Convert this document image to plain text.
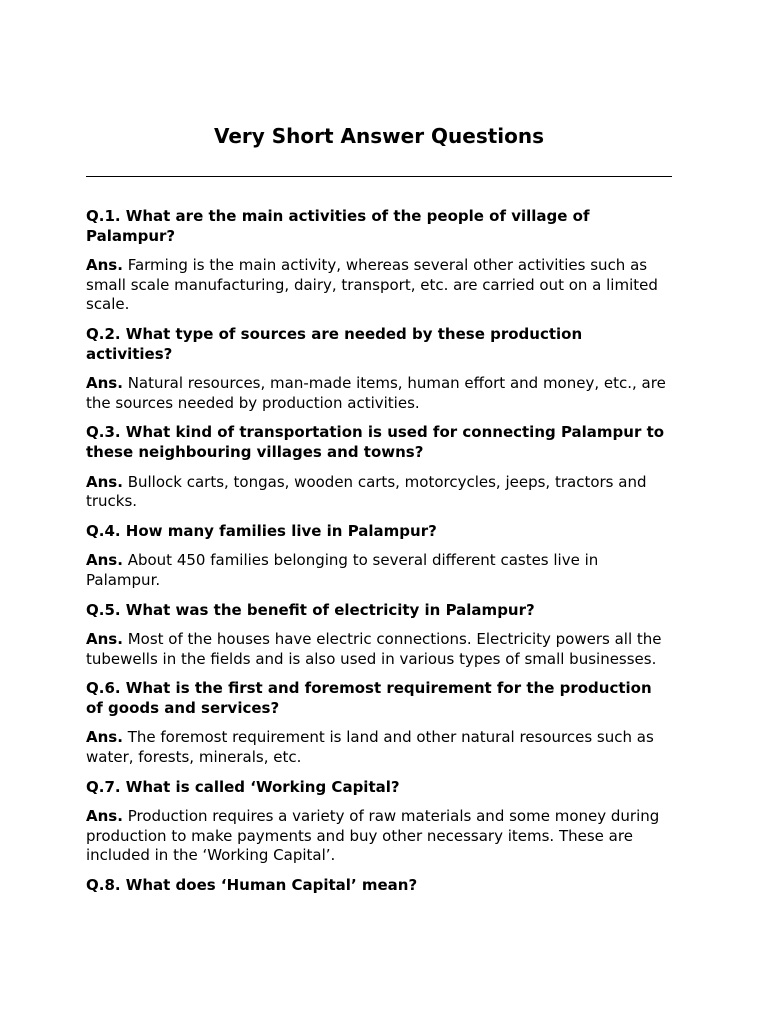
Very Short Answer Questions

Q.1. What are the main activities of the people of village of Palampur?

Ans. Farming is the main activity, whereas several other activities such as small scale manufacturing, dairy, transport, etc. are carried out on a limited scale.

Q.2. What type of sources are needed by these production activities?

Ans. Natural resources, man-made items, human effort and money, etc., are the sources needed by production activities.

Q.3. What kind of transportation is used for connecting Palampur to these neighbouring villages and towns?

Ans. Bullock carts, tongas, wooden carts, motorcycles, jeeps, tractors and trucks.

Q.4. How many families live in Palampur?

Ans. About 450 families belonging to several different castes live in Palampur.

Q.5. What was the benefit of electricity in Palampur?

Ans. Most of the houses have electric connections. Electricity powers all the tubewells in the fields and is also used in various types of small businesses.

Q.6. What is the first and foremost requirement for the production of goods and services?

Ans. The foremost requirement is land and other natural resources such as water, forests, minerals, etc.

Q.7. What is called ‘Working Capital?

Ans. Production requires a variety of raw materials and some money during production to make payments and buy other necessary items. These are included in the ‘Working Capital’.

Q.8. What does ‘Human Capital’ mean?
